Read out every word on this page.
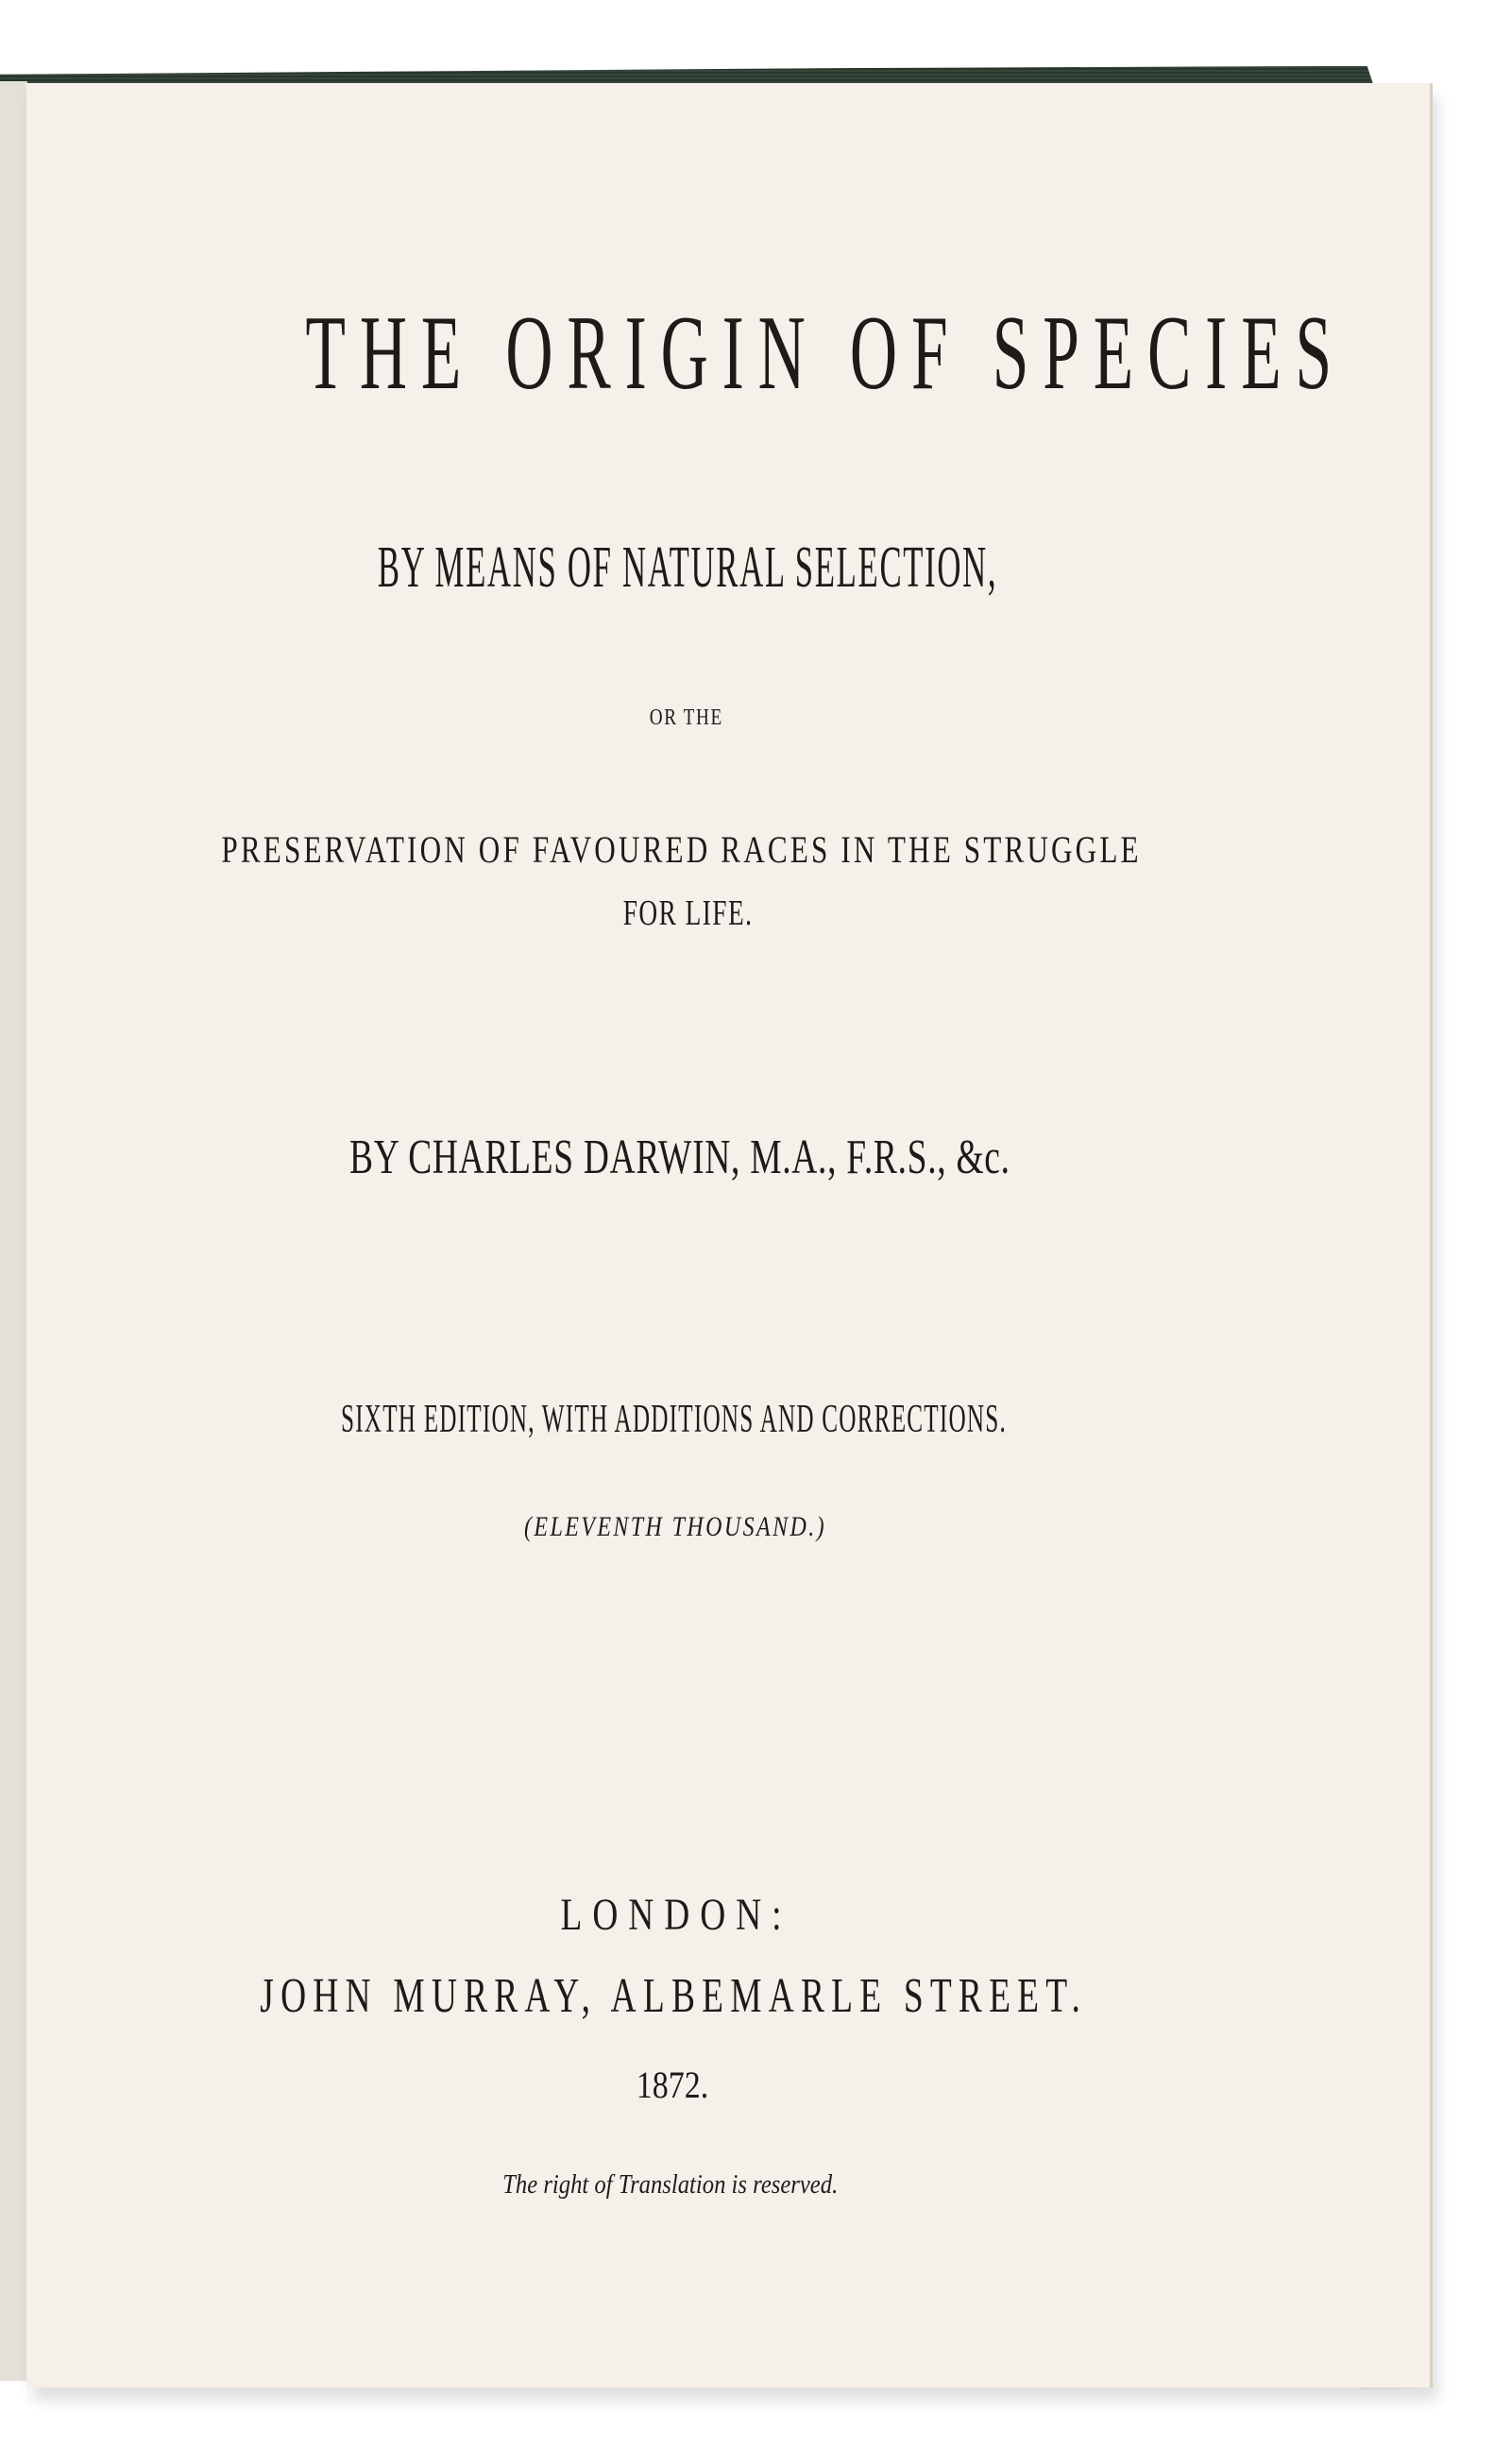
THE ORIGIN OF SPECIES
BY MEANS OF NATURAL SELECTION,
OR THE
PRESERVATION OF FAVOURED RACES IN THE STRUGGLE
FOR LIFE.
BY CHARLES DARWIN, M.A., F.R.S., &c.
SIXTH EDITION, WITH ADDITIONS AND CORRECTIONS.
(ELEVENTH THOUSAND.)
LONDON:
JOHN MURRAY, ALBEMARLE STREET.
1872.
The right of Translation is reserved.
